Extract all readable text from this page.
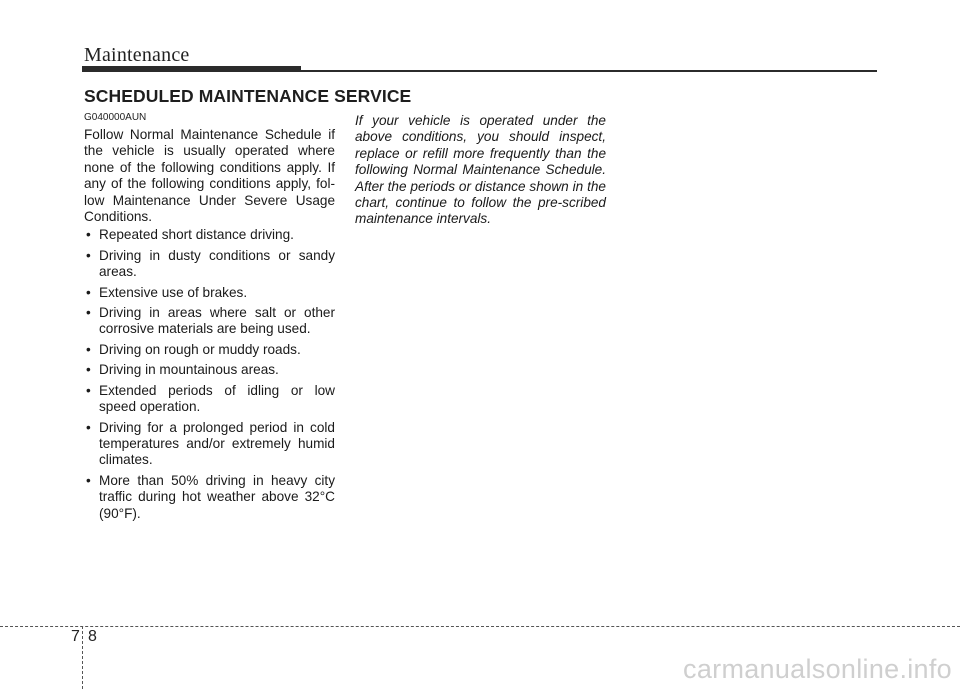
Maintenance
SCHEDULED MAINTENANCE SERVICE
G040000AUN

Follow Normal Maintenance Schedule if the vehicle is usually operated where none of the following conditions apply. If any of the following conditions apply, fol-low Maintenance Under Severe Usage Conditions.

• Repeated short distance driving.
• Driving in dusty conditions or sandy areas.
• Extensive use of brakes.
• Driving in areas where salt or other corrosive materials are being used.
• Driving on rough or muddy roads.
• Driving in mountainous areas.
• Extended periods of idling or low speed operation.
• Driving for a prolonged period in cold temperatures and/or extremely humid climates.
• More than 50% driving in heavy city traffic during hot weather above 32°C (90°F).

If your vehicle is operated under the above conditions, you should inspect, replace or refill more frequently than the following Normal Maintenance Schedule. After the periods or distance shown in the chart, continue to follow the pre-scribed maintenance intervals.

7 8
carmanualsonline.info
